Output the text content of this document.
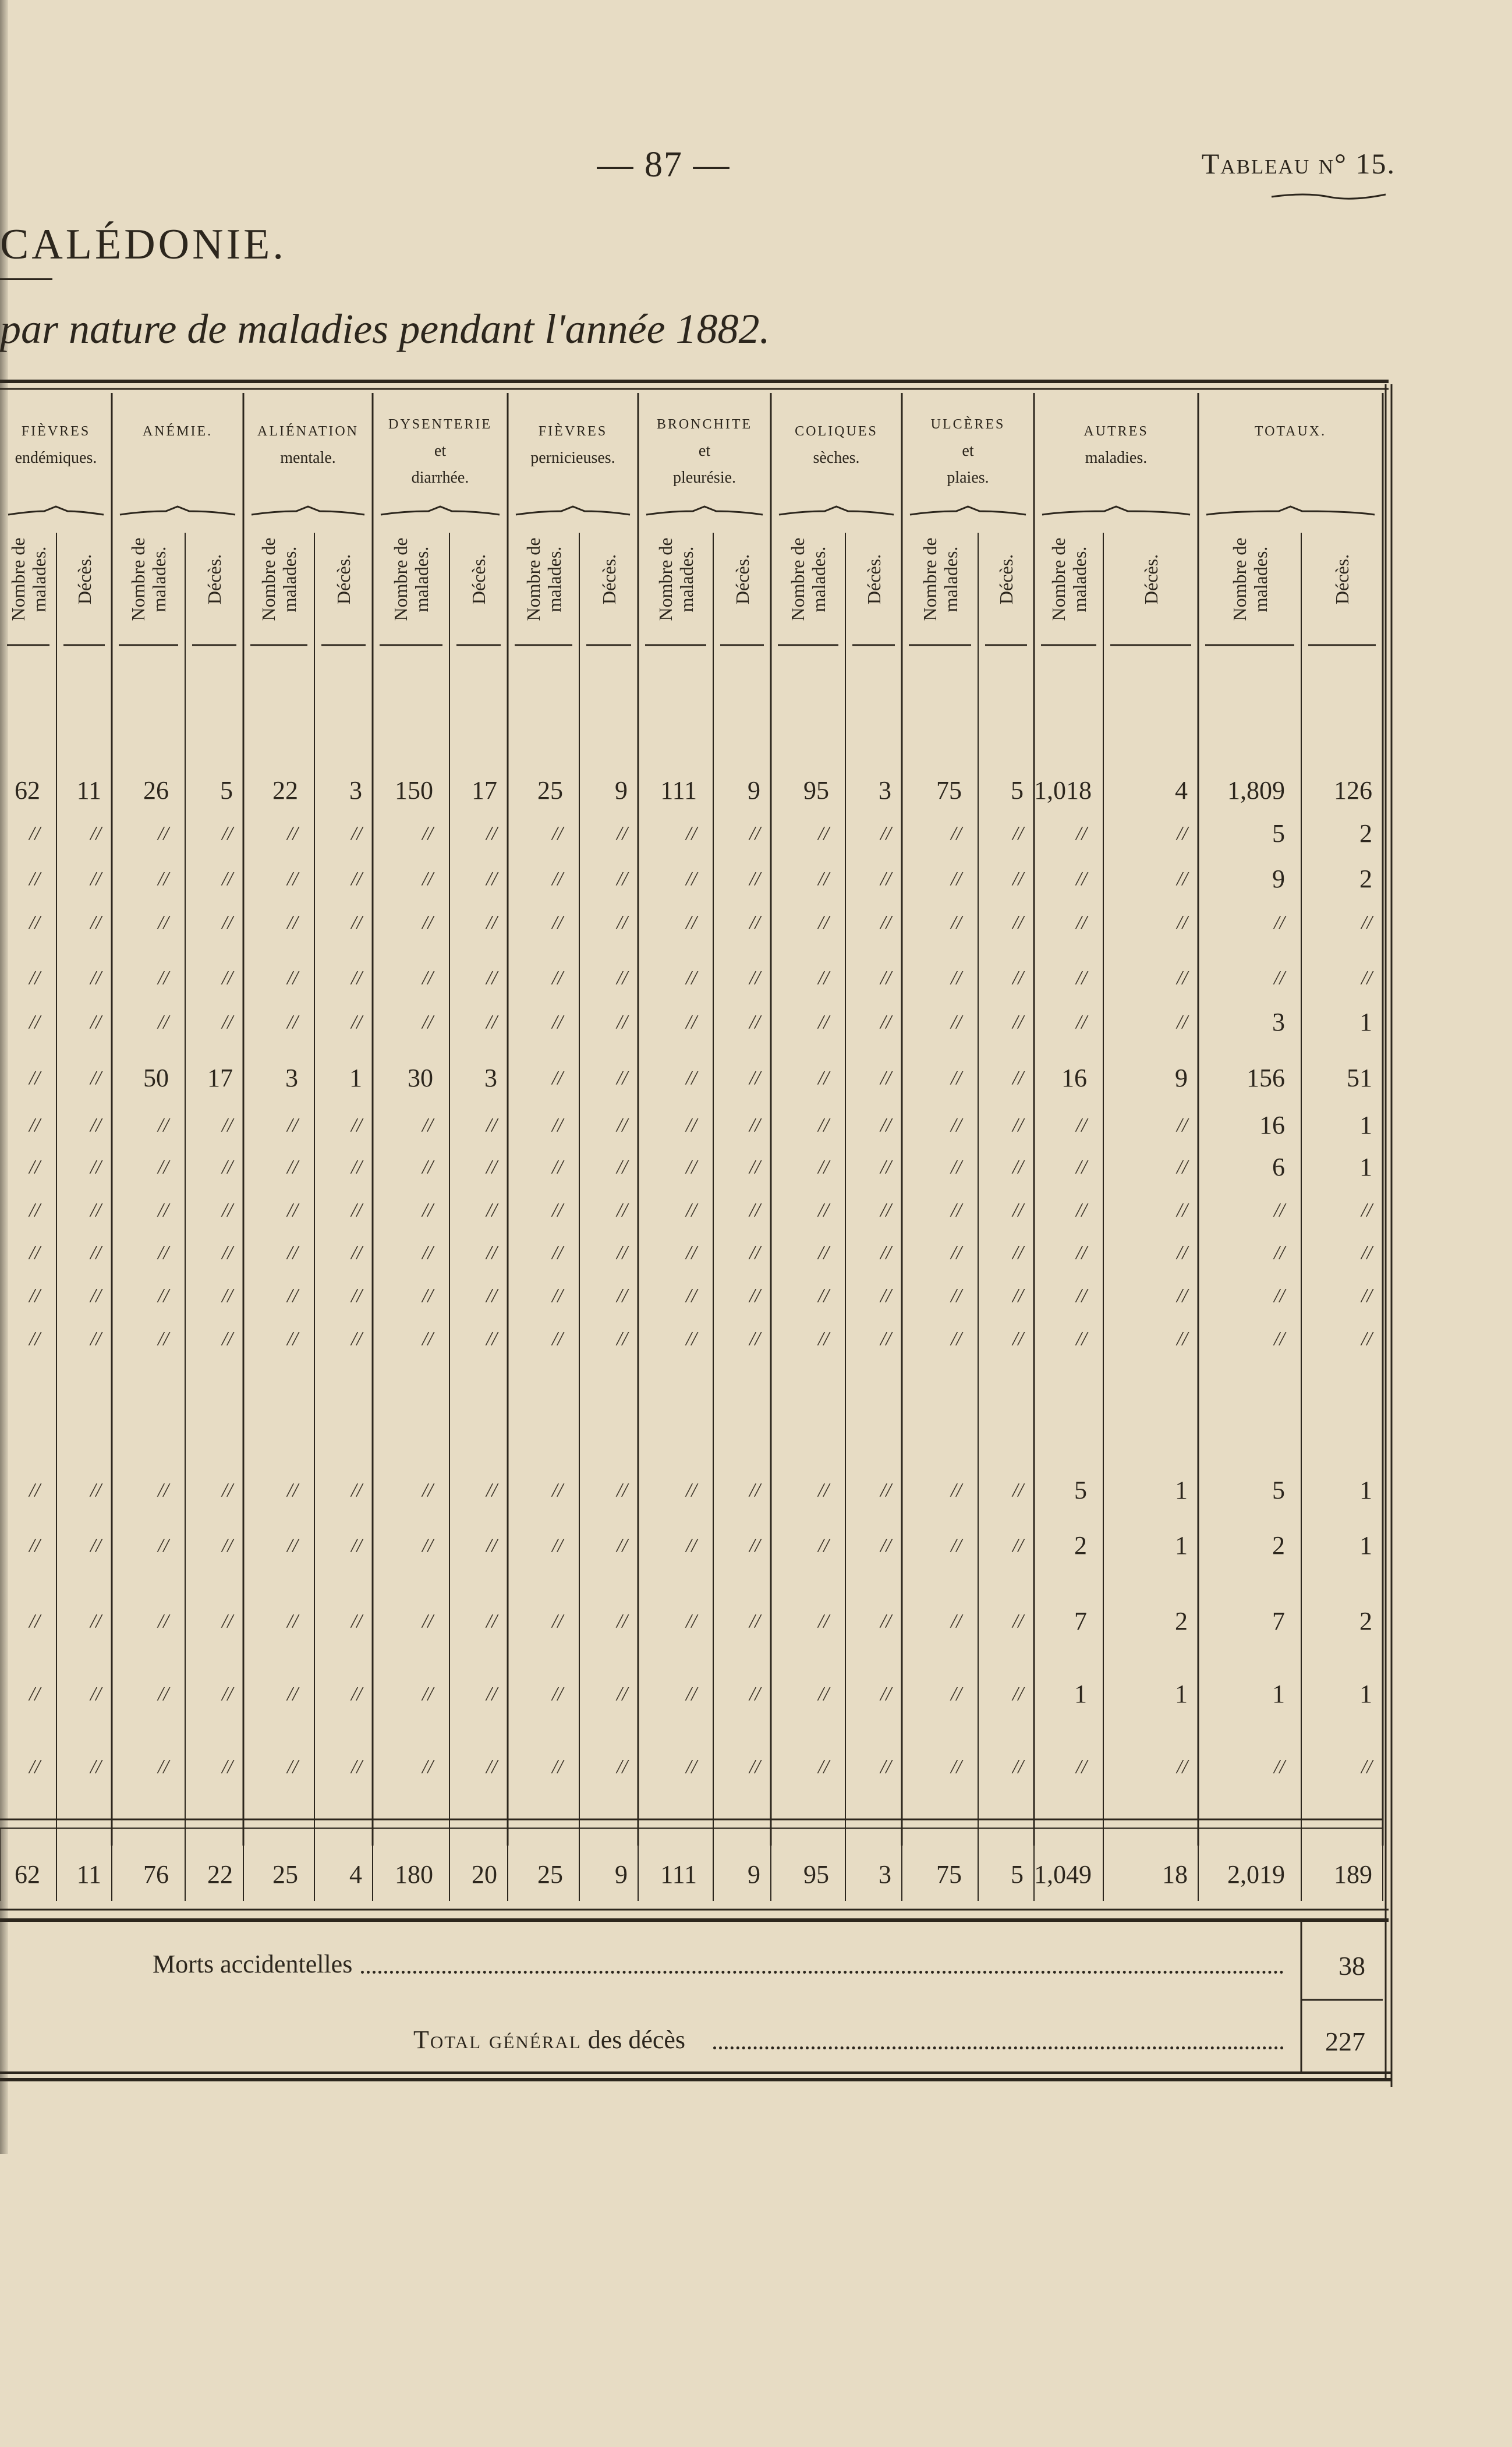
— 87 —	Tableau n° 15.
CALÉDONIE.
par nature de maladies pendant l'année 1882.
FIÈVRES
endémiques.
ANÉMIE.	ALIÉNATION
mentale.
DYSENTERIE
et
diarrhée.
FIÈVRES
pernicieuses.
BRONCHITE
et
pleurésie.
COLIQUES
sèches.
ULCÈRES
et
plaies.
AUTRES
maladies.
TOTAUX.
Nombre de malades. Décès. Nombre de malades. Décès. Nombre de malades. Décès. Nombre de malades. Décès. Nombre de malades. Décès. Nombre de malades. Décès. Nombre de malades. Décès. Nombre de malades. Décès. Nombre de malades.	Décès.	Nombre de malades.	Décès.
62	11	26	5	22	3	150	17	25	9	111	9	95	3	75	5 1,018	4	1,809	126
//	//	//	//	//	//	//	//	//	//	//	//	//	//	//	//	//	//	5	2
//	//	//	//	//	//	//	//	//	//	//	//	//	//	//	//	//	//	9	2
//	//	//	//	//	//	//	//	//	//	//	//	//	//	//	//	//	//	//	//
//	//	//	//	//	//	//	//	//	//	//	//	//	//	//	//	//	//	//	//
//	//	//	//	//	//	//	//	//	//	//	//	//	//	//	//	//	//	3	1
//	//	50	17	3	1	30	3	//	//	//	//	//	//	//	//	16	9	156	51
//	//	//	//	//	//	//	//	//	//	//	//	//	//	//	//	//	//	16	1
//	//	//	//	//	//	//	//	//	//	//	//	//	//	//	//	//	//	6	1
//	//	//	//	//	//	//	//	//	//	//	//	//	//	//	//	//	//	//	//
//	//	//	//	//	//	//	//	//	//	//	//	//	//	//	//	//	//	//	//
//	//	//	//	//	//	//	//	//	//	//	//	//	//	//	//	//	//	//	//
//	//	//	//	//	//	//	//	//	//	//	//	//	//	//	//	//	//	//	//
//	//	//	//	//	//	//	//	//	//	//	//	//	//	//	//	5	1	5	1
//	//	//	//	//	//	//	//	//	//	//	//	//	//	//	//	2	1	2	1
//	//	//	//	//	//	//	//	//	//	//	//	//	//	//	//	7	2	7	2
//	//	//	//	//	//	//	//	//	//	//	//	//	//	//	//	1	1	1	1
//	//	//	//	//	//	//	//	//	//	//	//	//	//	//	//	//	//	//	//
62	11	76	22	25	4	180	20	25	9	111	9	95	3	75	5 1,049	18	2,019	189
Morts accidentelles	38
Total général des décès	227
